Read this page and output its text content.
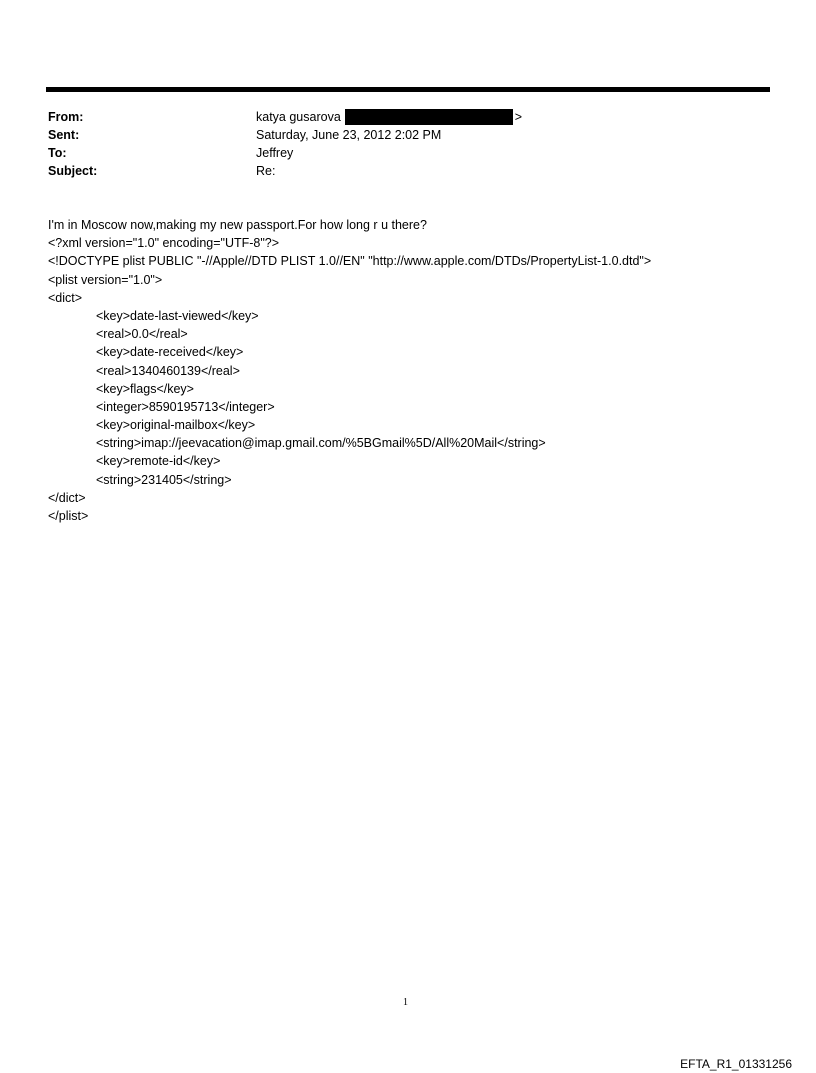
From:	katya gusarova	>
Sent:	Saturday, June 23, 2012 2:02 PM
To:	Jeffrey
Subject:	Re:
I'm in Moscow now,making my new passport.For how long r u there?
<?xml version="1.0" encoding="UTF-8"?>
<!DOCTYPE plist PUBLIC "-//Apple//DTD PLIST 1.0//EN" "http://www.apple.com/DTDs/PropertyList-1.0.dtd">
<plist version="1.0">
<dict>
<key>date-last-viewed</key>
<real>0.0</real>
<key>date-received</key>
<real>1340460139</real>
<key>flags</key>
<integer>8590195713</integer>
<key>original-mailbox</key>
<string>imap://jeevacation@imap.gmail.com/%5BGmail%5D/All%20Mail</string>
<key>remote-id</key>
<string>231405</string>
</dict>
</plist>
1
EFTA_R1_01331256
